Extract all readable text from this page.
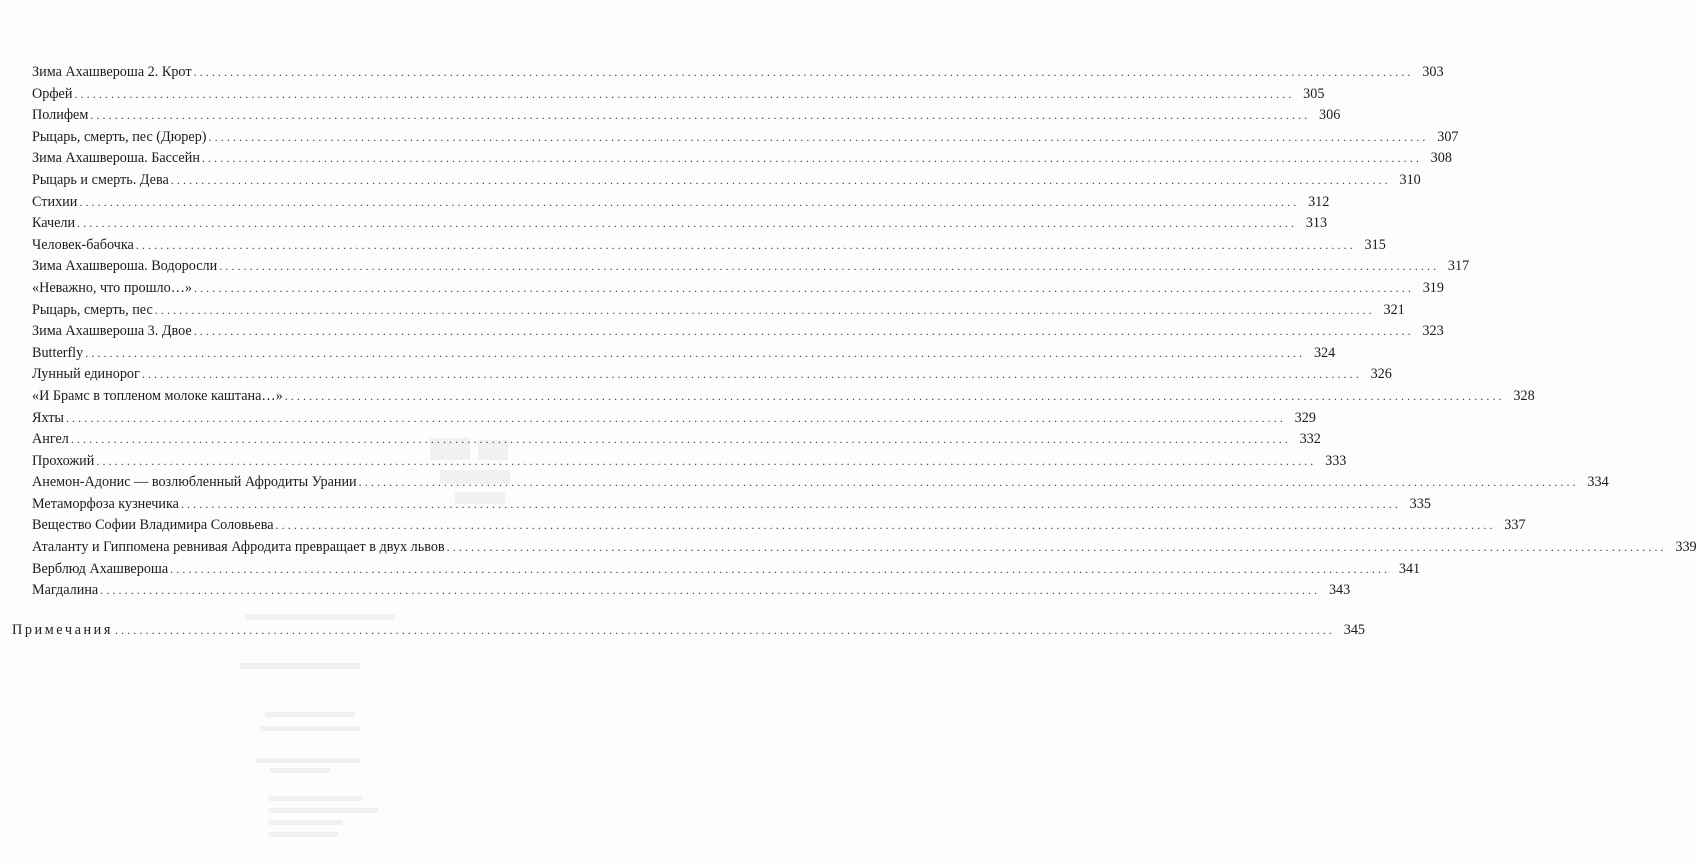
Зима Ахашвероша 2. Крот ........................................................................................................................................................................................................ 303
Орфей ........................................................................................................................................................................................................ 305
Полифем ........................................................................................................................................................................................................ 306
Рыцарь, смерть, пес (Дюрер) ........................................................................................................................................................................................................ 307
Зима Ахашвероша. Бассейн ........................................................................................................................................................................................................ 308
Рыцарь и смерть. Дева ........................................................................................................................................................................................................ 310
Стихии ........................................................................................................................................................................................................ 312
Качели ........................................................................................................................................................................................................ 313
Человек-бабочка ........................................................................................................................................................................................................ 315
Зима Ахашвероша. Водоросли ........................................................................................................................................................................................................ 317
«Неважно, что прошло…» ........................................................................................................................................................................................................ 319
Рыцарь, смерть, пес ........................................................................................................................................................................................................ 321
Зима Ахашвероша 3. Двое ........................................................................................................................................................................................................ 323
Butterfly ........................................................................................................................................................................................................ 324
Лунный единорог ........................................................................................................................................................................................................ 326
«И Брамс в топленом молоке каштана…» ........................................................................................................................................................................................................ 328
Яхты ........................................................................................................................................................................................................ 329
Ангел ........................................................................................................................................................................................................ 332
Прохожий ........................................................................................................................................................................................................ 333
Анемон-Адонис — возлюбленный Афродиты Урании ........................................................................................................................................................................................................ 334
Метаморфоза кузнечика ........................................................................................................................................................................................................ 335
Вещество Софии Владимира Соловьева ........................................................................................................................................................................................................ 337
Аталанту и Гиппомена ревнивая Афродита превращает в двух львов ........................................................................................................................................................................................................ 339
Верблюд Ахашвероша ........................................................................................................................................................................................................ 341
Магдалина ........................................................................................................................................................................................................ 343
Примечания ........................................................................................................................................................................................................ 345
